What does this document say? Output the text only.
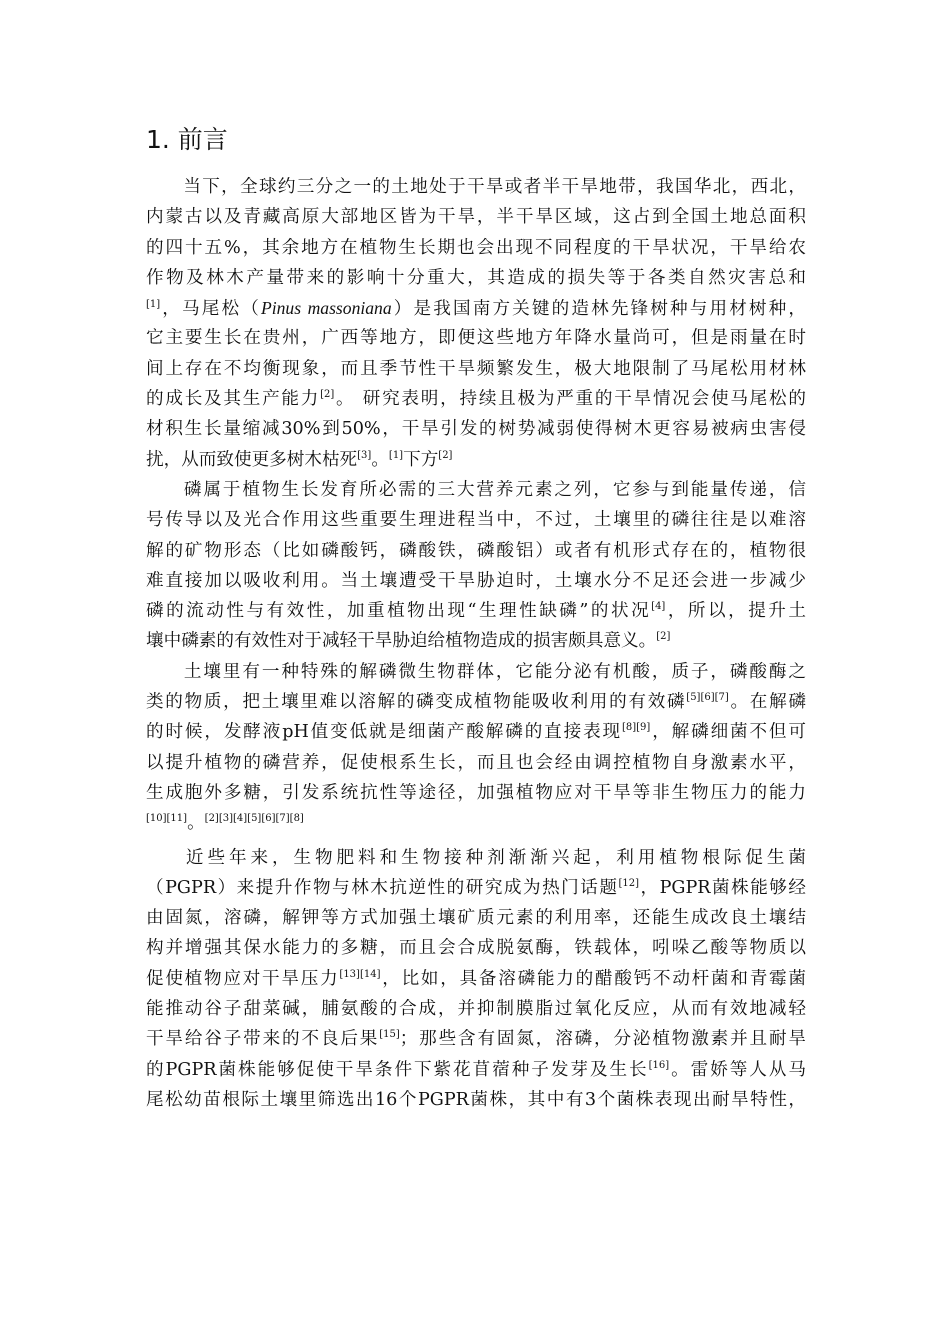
1. 前言
当下，全球约三分之一的土地处于干旱或者半干旱地带，我国华北，西北，
内蒙古以及青藏高原大部地区皆为干旱，半干旱区域，这占到全国土地总面积
的四十五%，其余地方在植物生长期也会出现不同程度的干旱状况，干旱给农
作物及林木产量带来的影响十分重大，其造成的损失等于各类自然灾害总和
[1]，马尾松（Pinus massoniana）是我国南方关键的造林先锋树种与用材树种，
它主要生长在贵州，广西等地方，即便这些地方年降水量尚可，但是雨量在时
间上存在不均衡现象，而且季节性干旱频繁发生，极大地限制了马尾松用材林
的成长及其生产能力[2]。 研究表明，持续且极为严重的干旱情况会使马尾松的
材积生长量缩减30%到50%，干旱引发的树势减弱使得树木更容易被病虫害侵
扰，从而致使更多树木枯死[3]。[1]下方[2]
磷属于植物生长发育所必需的三大营养元素之列，它参与到能量传递，信
号传导以及光合作用这些重要生理进程当中，不过，土壤里的磷往往是以难溶
解的矿物形态（比如磷酸钙，磷酸铁，磷酸铝）或者有机形式存在的，植物很
难直接加以吸收利用。当土壤遭受干旱胁迫时，土壤水分不足还会进一步减少
磷的流动性与有效性，加重植物出现“生理性缺磷”的状况[4]，所以，提升土
壤中磷素的有效性对于减轻干旱胁迫给植物造成的损害颇具意义。[2]
土壤里有一种特殊的解磷微生物群体，它能分泌有机酸，质子，磷酸酶之
类的物质，把土壤里难以溶解的磷变成植物能吸收利用的有效磷[5][6][7]。在解磷
的时候，发酵液pH值变低就是细菌产酸解磷的直接表现[8][9]，解磷细菌不但可
以提升植物的磷营养，促使根系生长，而且也会经由调控植物自身激素水平，
生成胞外多糖，引发系统抗性等途径，加强植物应对干旱等非生物压力的能力
[10][11]。[2][3][4][5][6][7][8]
近些年来，生物肥料和生物接种剂渐渐兴起，利用植物根际促生菌
（PGPR）来提升作物与林木抗逆性的研究成为热门话题[12]，PGPR菌株能够经
由固氮，溶磷，解钾等方式加强土壤矿质元素的利用率，还能生成改良土壤结
构并增强其保水能力的多糖，而且会合成脱氨酶，铁载体，吲哚乙酸等物质以
促使植物应对干旱压力[13][14]，比如，具备溶磷能力的醋酸钙不动杆菌和青霉菌
能推动谷子甜菜碱，脯氨酸的合成，并抑制膜脂过氧化反应，从而有效地减轻
干旱给谷子带来的不良后果[15]；那些含有固氮，溶磷，分泌植物激素并且耐旱
的PGPR菌株能够促使干旱条件下紫花苜蓿种子发芽及生长[16]。雷娇等人从马
尾松幼苗根际土壤里筛选出16个PGPR菌株，其中有3个菌株表现出耐旱特性，
